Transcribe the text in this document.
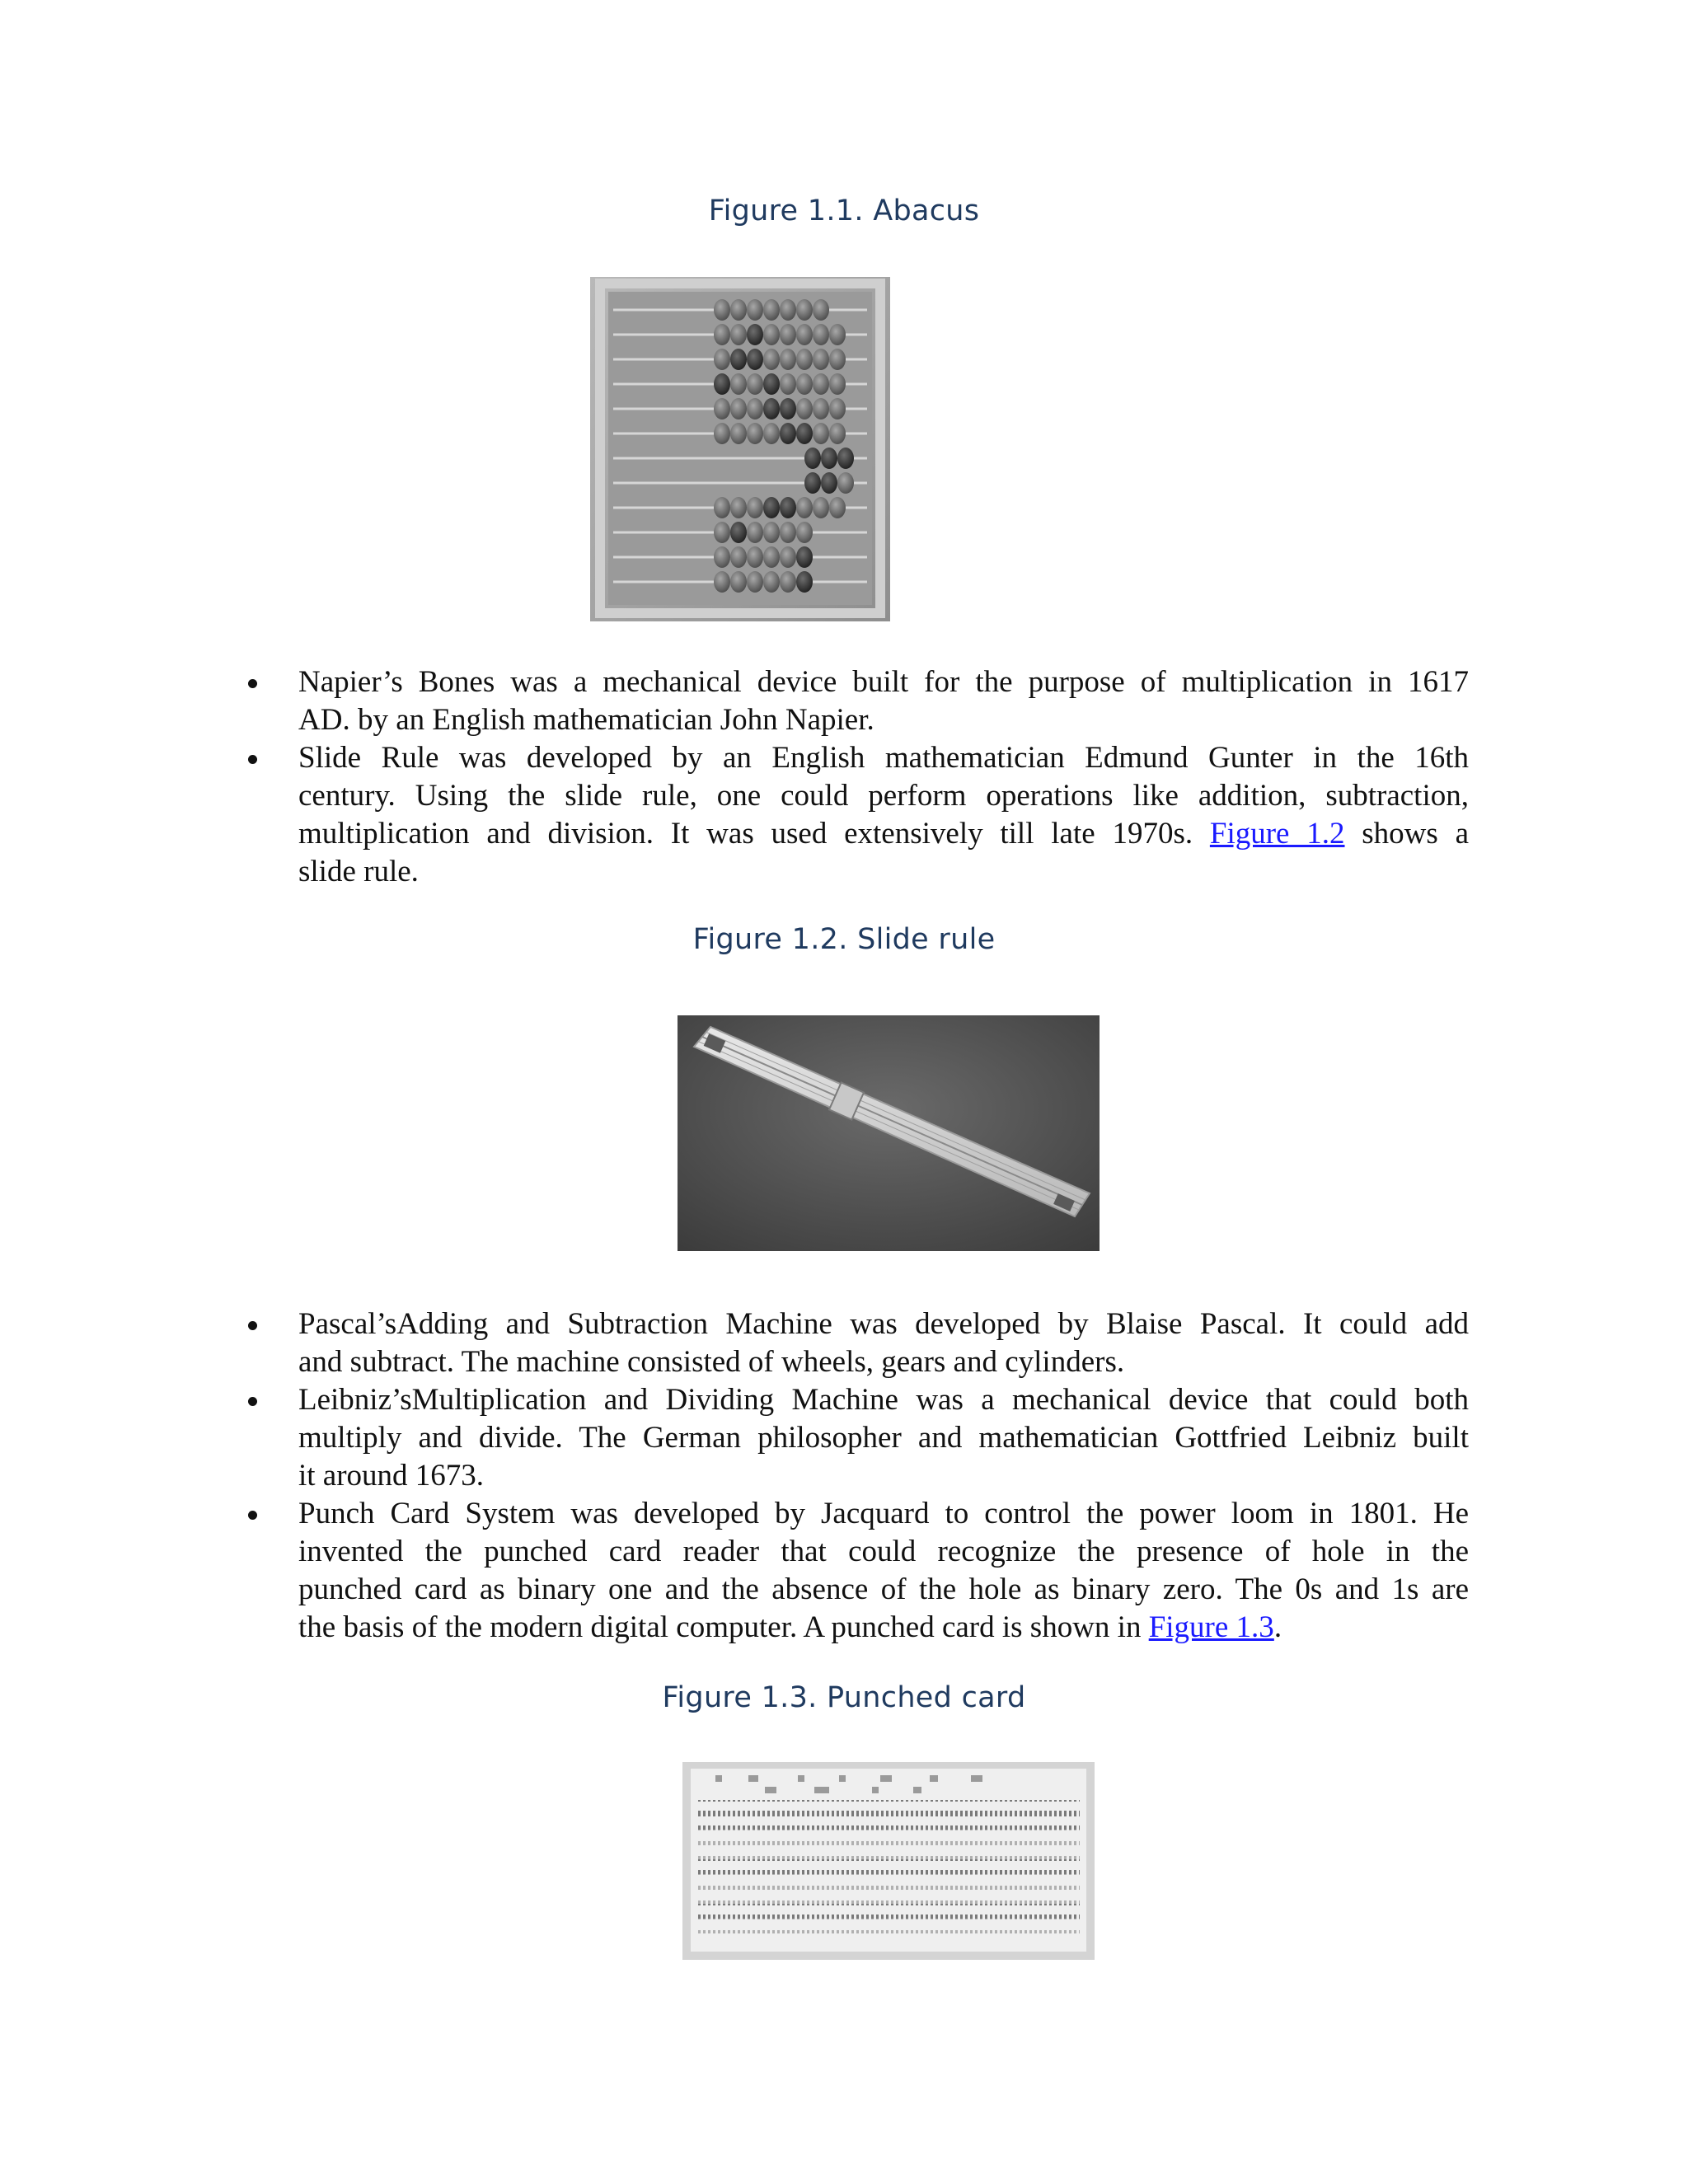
Figure 1.1. Abacus
Napier’s Bones was a mechanical device built for the purpose of multiplication in 1617
AD. by an English mathematician John Napier.
Slide Rule was developed by an English mathematician Edmund Gunter in the 16th
century. Using the slide rule, one could perform operations like addition, subtraction,
multiplication and division. It was used extensively till late 1970s. Figure 1.2 shows a
slide rule.
Figure 1.2. Slide rule
Pascal’sAdding and Subtraction Machine was developed by Blaise Pascal. It could add
and subtract. The machine consisted of wheels, gears and cylinders.
Leibniz’sMultiplication and Dividing Machine was a mechanical device that could both
multiply and divide. The German philosopher and mathematician Gottfried Leibniz built
it around 1673.
Punch Card System was developed by Jacquard to control the power loom in 1801. He
invented the punched card reader that could recognize the presence of hole in the
punched card as binary one and the absence of the hole as binary zero. The 0s and 1s are
the basis of the modern digital computer. A punched card is shown in Figure 1.3.
Figure 1.3. Punched card
